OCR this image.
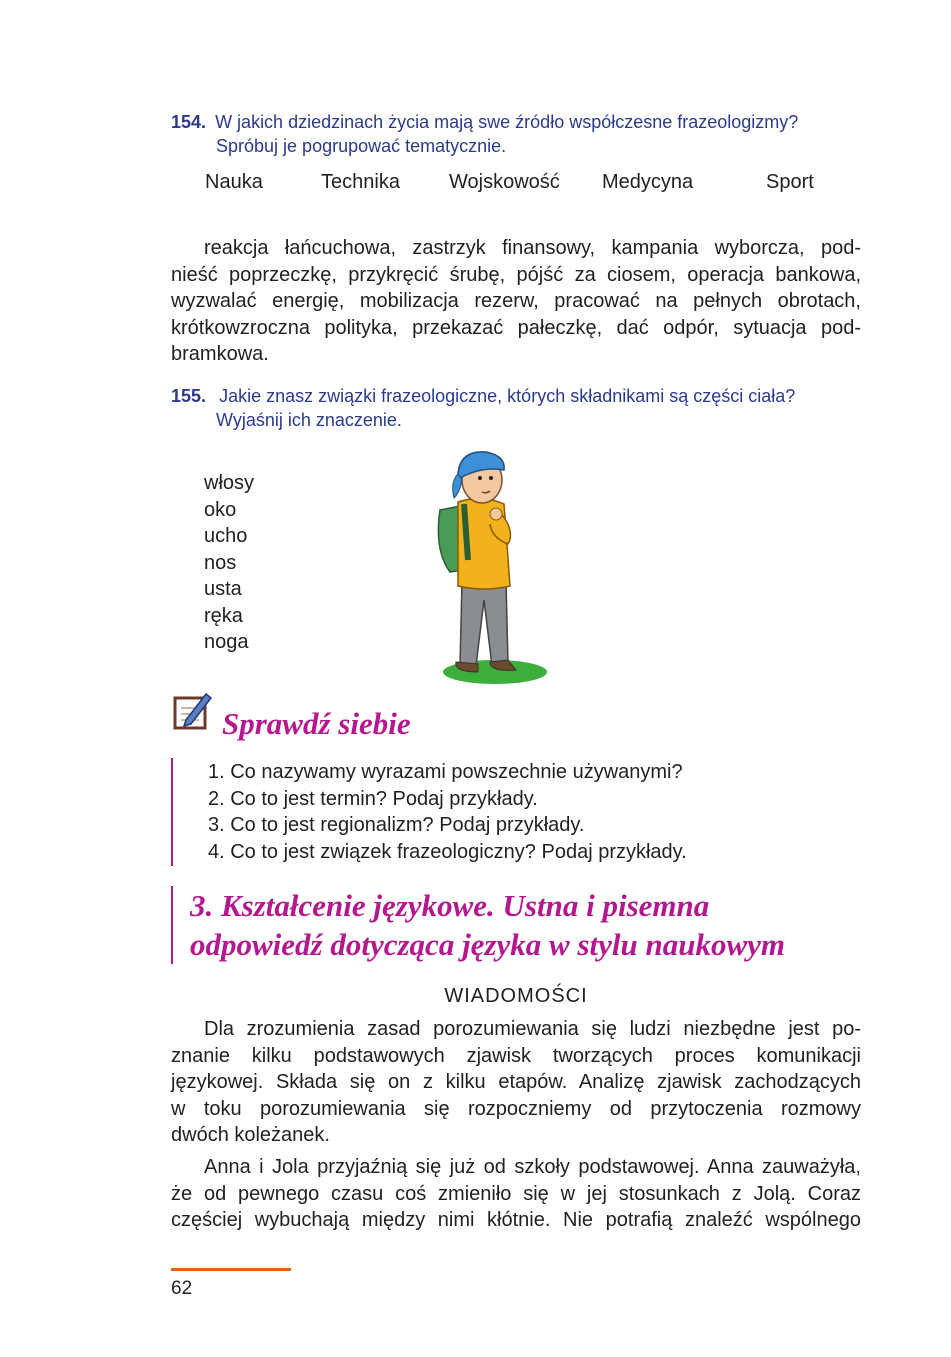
154. W jakich dziedzinach życia mają swe źródło współczesne frazeologizmy?
Spróbuj je pogrupować tematycznie.
Nauka	Technika	Wojskowość	Medycyna	Sport
reakcja łańcuchowa, zastrzyk finansowy, kampania wyborcza, pod-
nieść poprzeczkę, przykręcić śrubę, pójść za ciosem, operacja bankowa,
wyzwalać energię, mobilizacja rezerw, pracować na pełnych obrotach,
krótkowzroczna polityka, przekazać pałeczkę, dać odpór, sytuacja pod-
bramkowa.
155. Jakie znasz związki frazeologiczne, których składnikami są części ciała?
Wyjaśnij ich znaczenie.
włosy
oko
ucho
nos
usta
ręka
noga
Sprawdź siebie
1. Co nazywamy wyrazami powszechnie używanymi?
2. Co to jest termin? Podaj przykłady.
3. Co to jest regionalizm? Podaj przykłady.
4. Co to jest związek frazeologiczny? Podaj przykłady.
3. Kształcenie językowe. Ustna i pisemna
odpowiedź dotycząca języka w stylu naukowym
WIADOMOŚCI
Dla zrozumienia zasad porozumiewania się ludzi niezbędne jest po-
znanie kilku podstawowych zjawisk tworzących proces komunikacji
językowej. Składa się on z kilku etapów. Analizę zjawisk zachodzących
w toku porozumiewania się rozpoczniemy od przytoczenia rozmowy
dwóch koleżanek.
Anna i Jola przyjaźnią się już od szkoły podstawowej. Anna zauważyła,
że od pewnego czasu coś zmieniło się w jej stosunkach z Jolą. Coraz
częściej wybuchają między nimi kłótnie. Nie potrafią znaleźć wspólnego
62
